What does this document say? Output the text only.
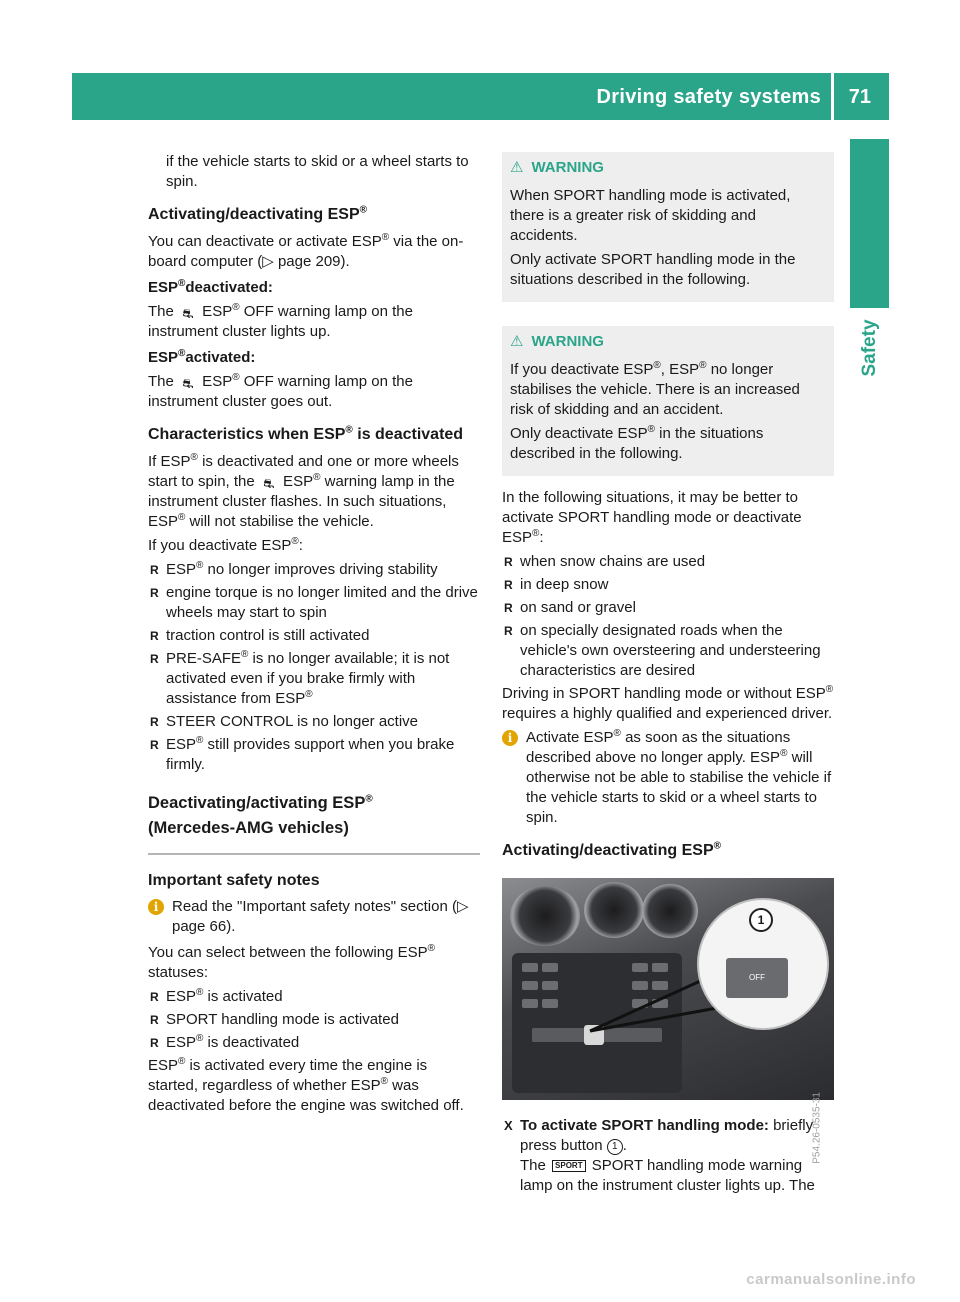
Driving safety systems 71
Safety

if the vehicle starts to skid or a wheel starts to spin.

Activating/deactivating ESP®

You can deactivate or activate ESP® via the on-board computer (▷ page 209).

ESP®deactivated:

The ⛐ ESP® OFF warning lamp on the instrument cluster lights up.

ESP®activated:

The ⛐ ESP® OFF warning lamp on the instrument cluster goes out.

Characteristics when ESP® is deactivated

If ESP® is deactivated and one or more wheels start to spin, the ⛐ ESP® warning lamp in the instrument cluster flashes. In such situations, ESP® will not stabilise the vehicle.

If you deactivate ESP®:

R ESP® no longer improves driving stability
R engine torque is no longer limited and the drive wheels may start to spin
R traction control is still activated
R PRE-SAFE® is no longer available; it is not activated even if you brake firmly with assistance from ESP®
R STEER CONTROL is no longer active
R ESP® still provides support when you brake firmly.
Deactivating/activating ESP®
(Mercedes-AMG vehicles)
Important safety notes
i Read the "Important safety notes" section (▷ page 66).

You can select between the following ESP® statuses:

R ESP® is activated
R SPORT handling mode is activated
R ESP® is deactivated

ESP® is activated every time the engine is started, regardless of whether ESP® was deactivated before the engine was switched off.

⚠ WARNING

When SPORT handling mode is activated, there is a greater risk of skidding and accidents.

Only activate SPORT handling mode in the situations described in the following.

⚠ WARNING

If you deactivate ESP®, ESP® no longer stabilises the vehicle. There is an increased risk of skidding and an accident.

Only deactivate ESP® in the situations described in the following.

In the following situations, it may be better to activate SPORT handling mode or deactivate ESP®:

R when snow chains are used
R in deep snow
R on sand or gravel
R on specially designated roads when the vehicle's own oversteering and understeering characteristics are desired

Driving in SPORT handling mode or without ESP® requires a highly qualified and experienced driver.

i Activate ESP® as soon as the situations described above no longer apply. ESP® will otherwise not be able to stabilise the vehicle if the vehicle starts to skid or a wheel starts to spin.
Activating/deactivating ESP®
1
OFF
P54.26-0535-31
X To activate SPORT handling mode: briefly press button 1 .
The SPORT SPORT handling mode warning lamp on the instrument cluster lights up. The
carmanualsonline.info
